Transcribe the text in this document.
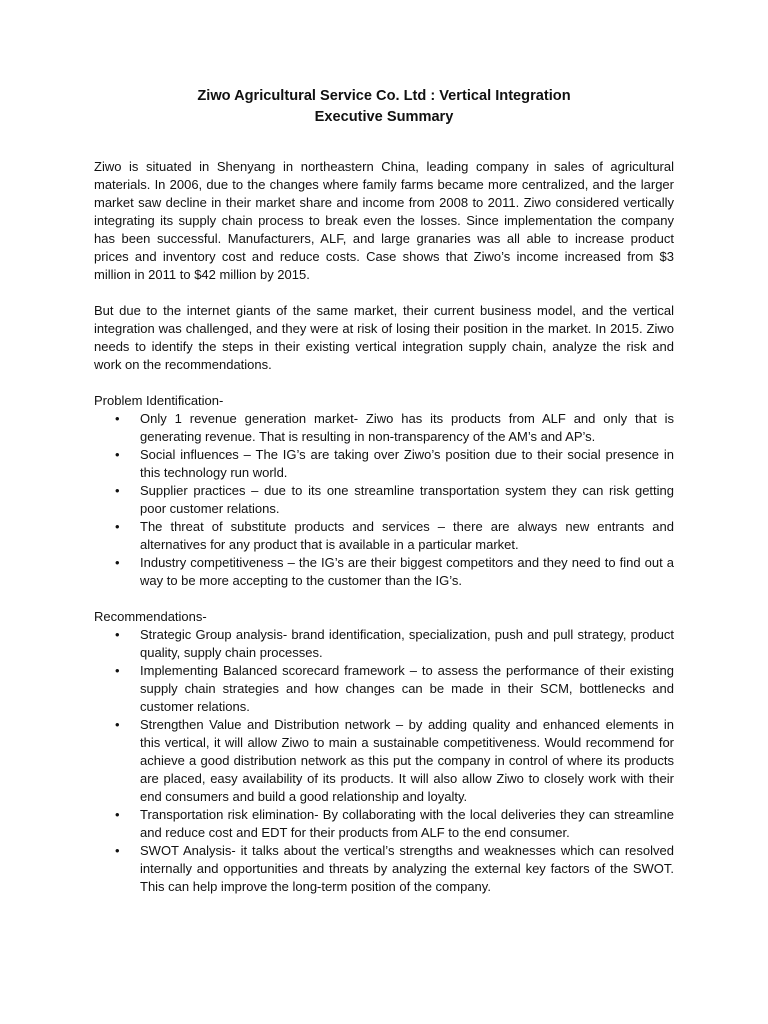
Ziwo Agricultural Service Co. Ltd : Vertical Integration

Executive Summary

Ziwo is situated in Shenyang in northeastern China, leading company in sales of agricultural materials. In 2006, due to the changes where family farms became more centralized, and the larger market saw decline in their market share and income from 2008 to 2011. Ziwo considered vertically integrating its supply chain process to break even the losses. Since implementation the company has been successful. Manufacturers, ALF, and large granaries was all able to increase product prices and inventory cost and reduce costs. Case shows that Ziwo’s income increased from $3 million in 2011 to $42 million by 2015.

But due to the internet giants of the same market, their current business model, and the vertical integration was challenged, and they were at risk of losing their position in the market. In 2015. Ziwo needs to identify the steps in their existing vertical integration supply chain, analyze the risk and work on the recommendations.

Problem Identification-

• Only 1 revenue generation market- Ziwo has its products from ALF and only that is generating revenue. That is resulting in non-transparency of the AM’s and AP’s.
• Social influences – The IG’s are taking over Ziwo’s position due to their social presence in this technology run world.
• Supplier practices – due to its one streamline transportation system they can risk getting poor customer relations.
• The threat of substitute products and services – there are always new entrants and alternatives for any product that is available in a particular market.
• Industry competitiveness – the IG’s are their biggest competitors and they need to find out a way to be more accepting to the customer than the IG’s.

Recommendations-

• Strategic Group analysis- brand identification, specialization, push and pull strategy, product quality, supply chain processes.
• Implementing Balanced scorecard framework – to assess the performance of their existing supply chain strategies and how changes can be made in their SCM, bottlenecks and customer relations.
• Strengthen Value and Distribution network – by adding quality and enhanced elements in this vertical, it will allow Ziwo to main a sustainable competitiveness. Would recommend for achieve a good distribution network as this put the company in control of where its products are placed, easy availability of its products. It will also allow Ziwo to closely work with their end consumers and build a good relationship and loyalty.
• Transportation risk elimination- By collaborating with the local deliveries they can streamline and reduce cost and EDT for their products from ALF to the end consumer.
• SWOT Analysis- it talks about the vertical’s strengths and weaknesses which can resolved internally and opportunities and threats by analyzing the external key factors of the SWOT. This can help improve the long-term position of the company.
